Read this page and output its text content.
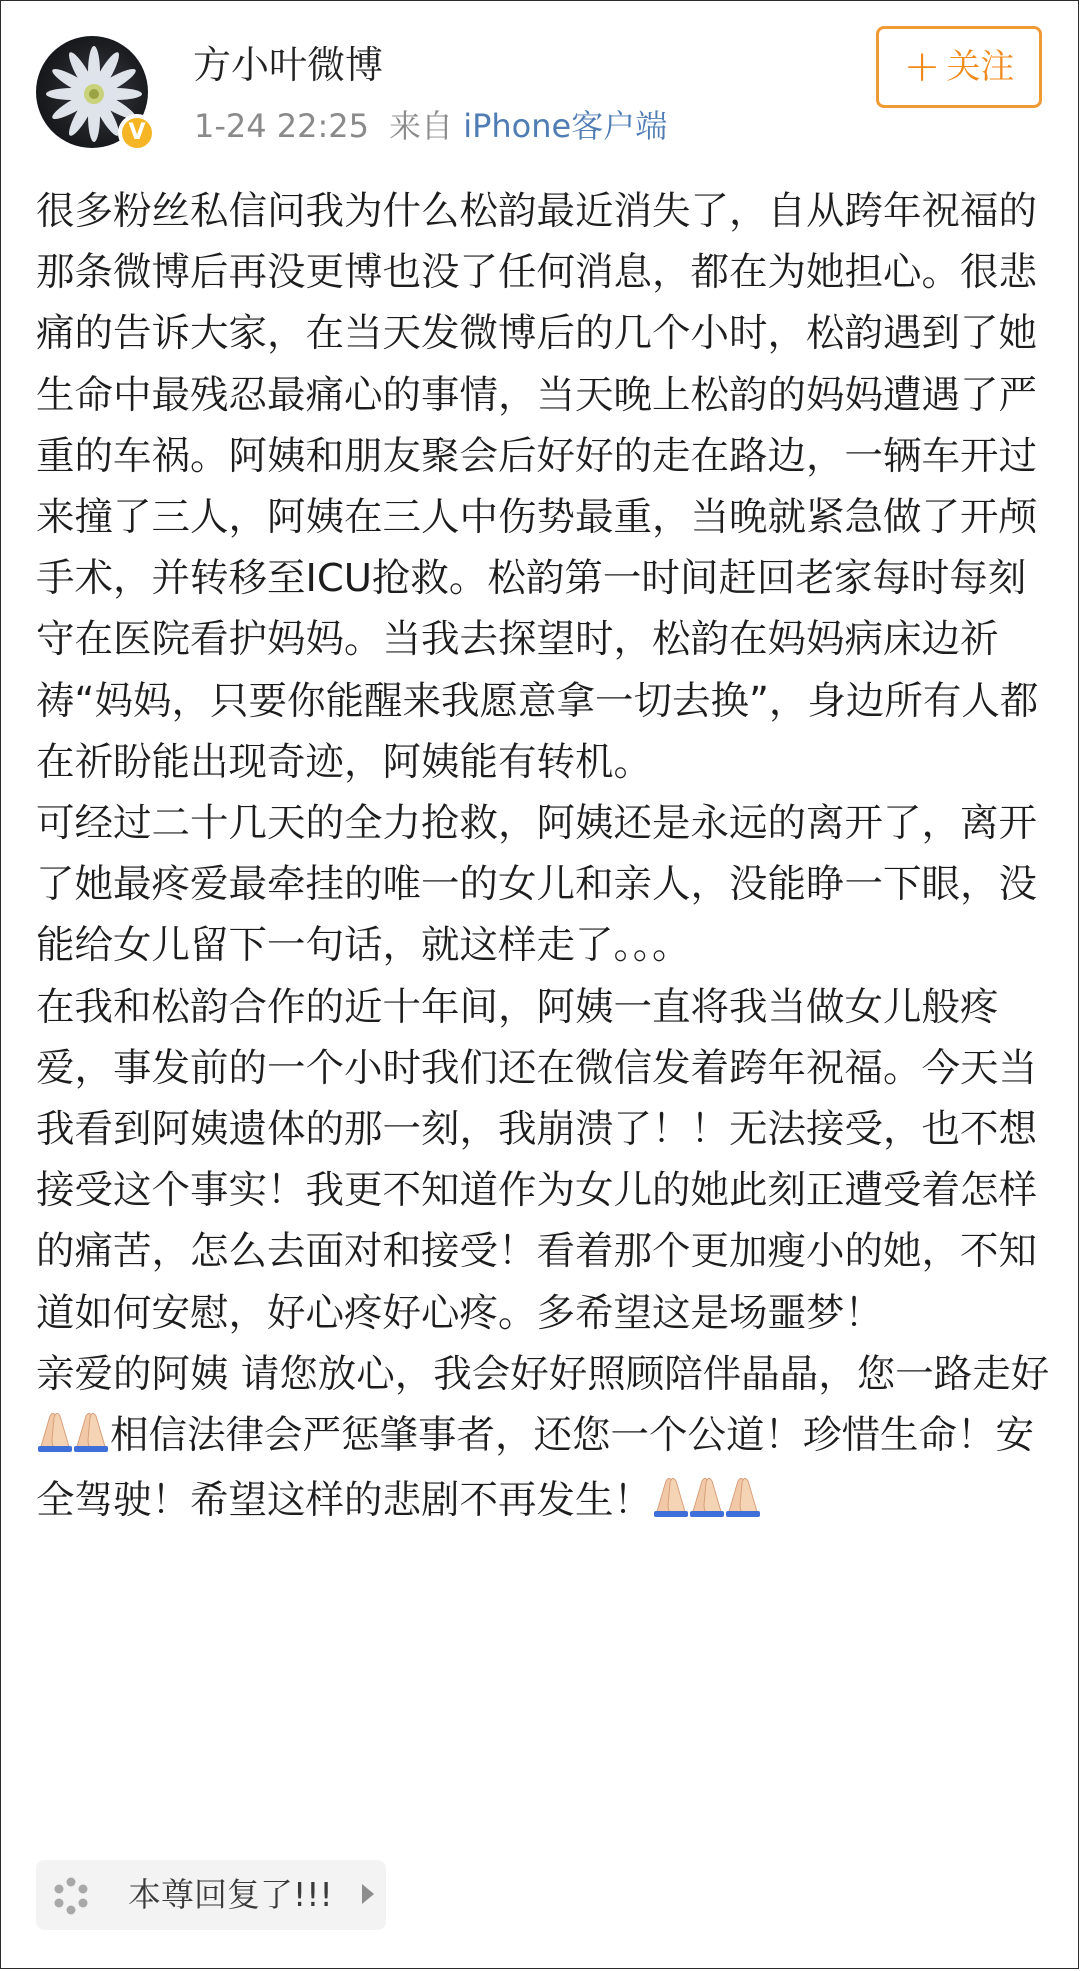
V
方小叶微博
1-24 22:25 来自 iPhone客户端
+ 关注

很多粉丝私信问我为什么松韵最近消失了，自从跨年祝福的那条微博后再没更博也没了任何消息，都在为她担心。很悲痛的告诉大家，在当天发微博后的几个小时，松韵遇到了她生命中最残忍最痛心的事情，当天晚上松韵的妈妈遭遇了严重的车祸。阿姨和朋友聚会后好好的走在路边，一辆车开过来撞了三人，阿姨在三人中伤势最重，当晚就紧急做了开颅手术，并转移至ICU抢救。松韵第一时间赶回老家每时每刻守在医院看护妈妈。当我去探望时，松韵在妈妈病床边祈祷“妈妈，只要你能醒来我愿意拿一切去换”，身边所有人都在祈盼能出现奇迹，阿姨能有转机。

可经过二十几天的全力抢救，阿姨还是永远的离开了，离开了她最疼爱最牵挂的唯一的女儿和亲人，没能睁一下眼，没能给女儿留下一句话，就这样走了。。。

在我和松韵合作的近十年间，阿姨一直将我当做女儿般疼爱，事发前的一个小时我们还在微信发着跨年祝福。今天当我看到阿姨遗体的那一刻，我崩溃了！！无法接受，也不想接受这个事实！我更不知道作为女儿的她此刻正遭受着怎样的痛苦，怎么去面对和接受！看着那个更加瘦小的她，不知道如何安慰，好心疼好心疼。多希望这是场噩梦！

亲爱的阿姨 请您放心，我会好好照顾陪伴晶晶，您一路走好相信法律会严惩肇事者，还您一个公道！珍惜生命！安全驾驶！希望这样的悲剧不再发生！

本尊回复了!!!
